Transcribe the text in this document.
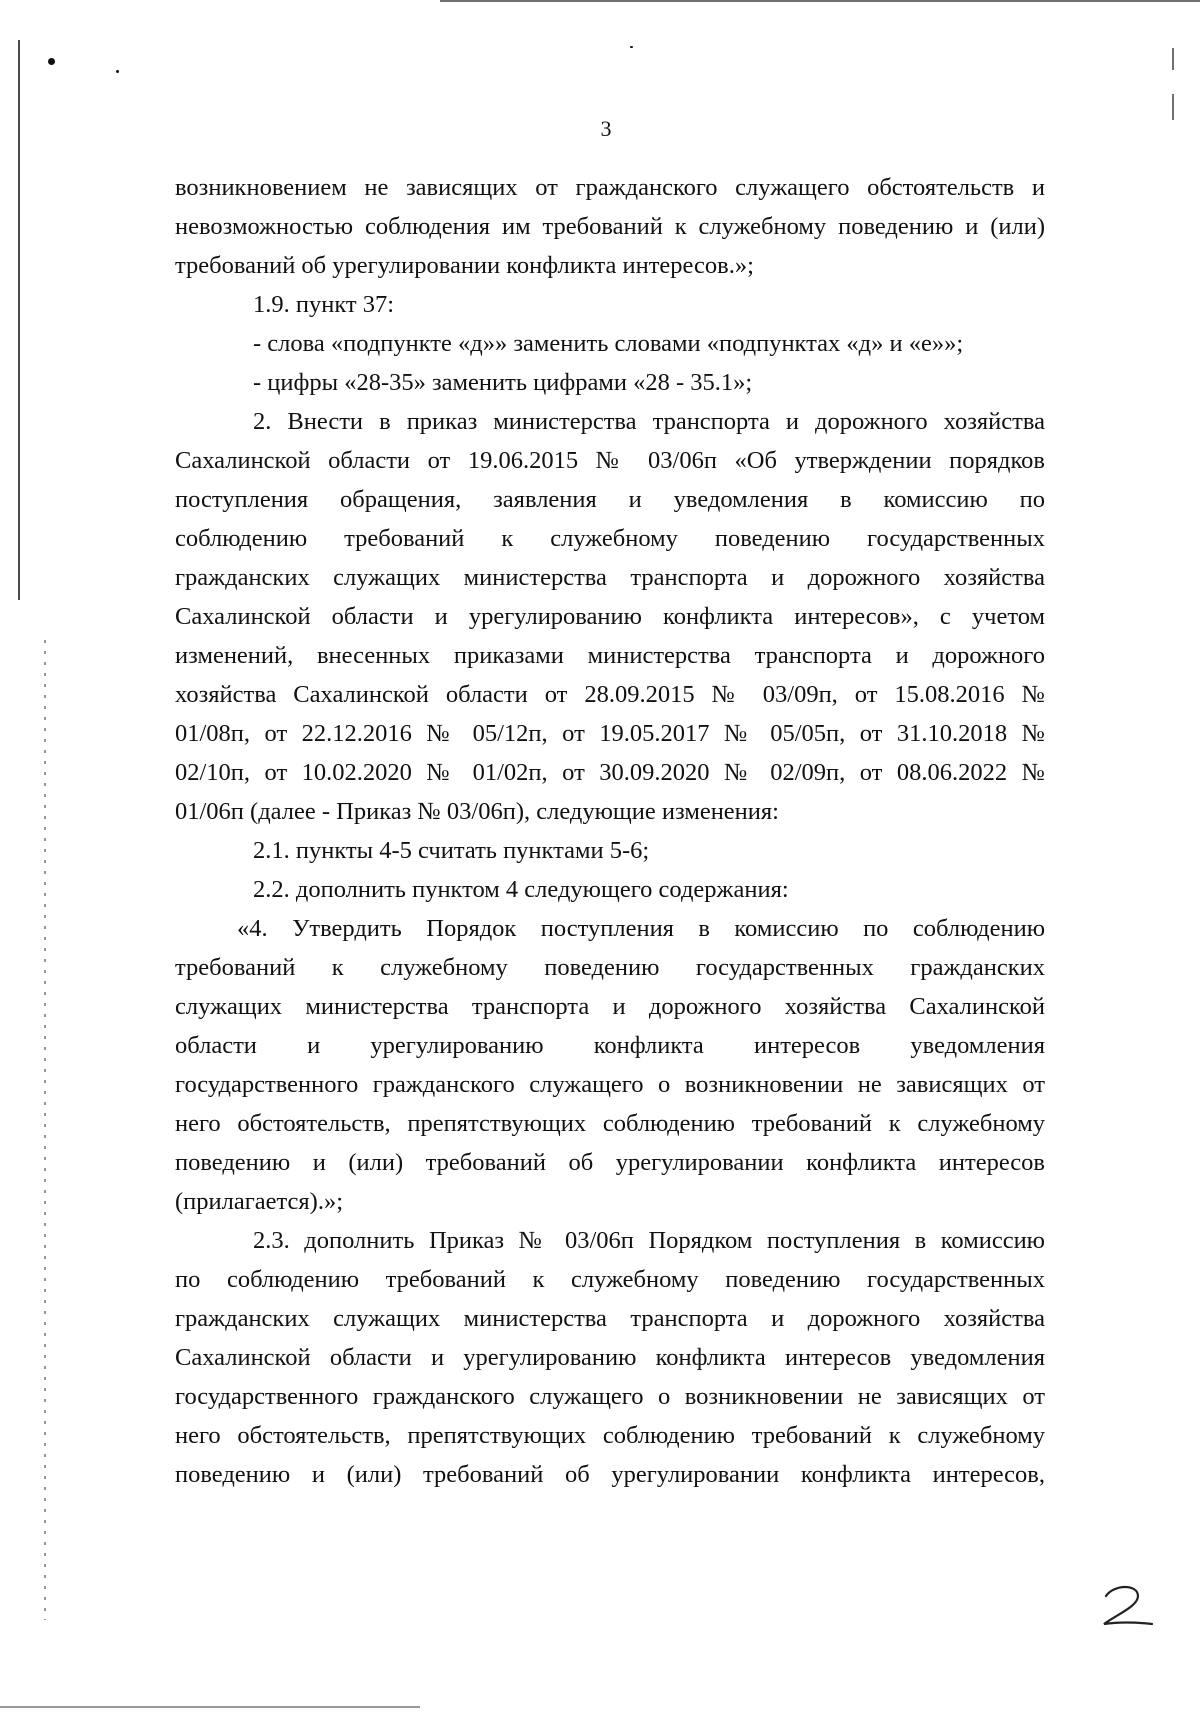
3
возникновением не зависящих от гражданского служащего обстоятельств и
невозможностью соблюдения им требований к служебному поведению и (или)
требований об урегулировании конфликта интересов.»;
1.9. пункт 37:
- слова «подпункте «д»» заменить словами «подпунктах «д» и «е»»;
- цифры «28-35» заменить цифрами «28 - 35.1»;
2. Внести в приказ министерства транспорта и дорожного хозяйства
Сахалинской области от 19.06.2015 № 03/06п «Об утверждении порядков
поступления обращения, заявления и уведомления в комиссию по
соблюдению требований к служебному поведению государственных
гражданских служащих министерства транспорта и дорожного хозяйства
Сахалинской области и урегулированию конфликта интересов», с учетом
изменений, внесенных приказами министерства транспорта и дорожного
хозяйства Сахалинской области от 28.09.2015 № 03/09п, от 15.08.2016 №
01/08п, от 22.12.2016 № 05/12п, от 19.05.2017 № 05/05п, от 31.10.2018 №
02/10п, от 10.02.2020 № 01/02п, от 30.09.2020 № 02/09п, от 08.06.2022 №
01/06п (далее - Приказ № 03/06п), следующие изменения:
2.1. пункты 4-5 считать пунктами 5-6;
2.2. дополнить пунктом 4 следующего содержания:
«4. Утвердить Порядок поступления в комиссию по соблюдению
требований к служебному поведению государственных гражданских
служащих министерства транспорта и дорожного хозяйства Сахалинской
области и урегулированию конфликта интересов уведомления
государственного гражданского служащего о возникновении не зависящих от
него обстоятельств, препятствующих соблюдению требований к служебному
поведению и (или) требований об урегулировании конфликта интересов
(прилагается).»;
2.3. дополнить Приказ № 03/06п Порядком поступления в комиссию
по соблюдению требований к служебному поведению государственных
гражданских служащих министерства транспорта и дорожного хозяйства
Сахалинской области и урегулированию конфликта интересов уведомления
государственного гражданского служащего о возникновении не зависящих от
него обстоятельств, препятствующих соблюдению требований к служебному
поведению и (или) требований об урегулировании конфликта интересов,
